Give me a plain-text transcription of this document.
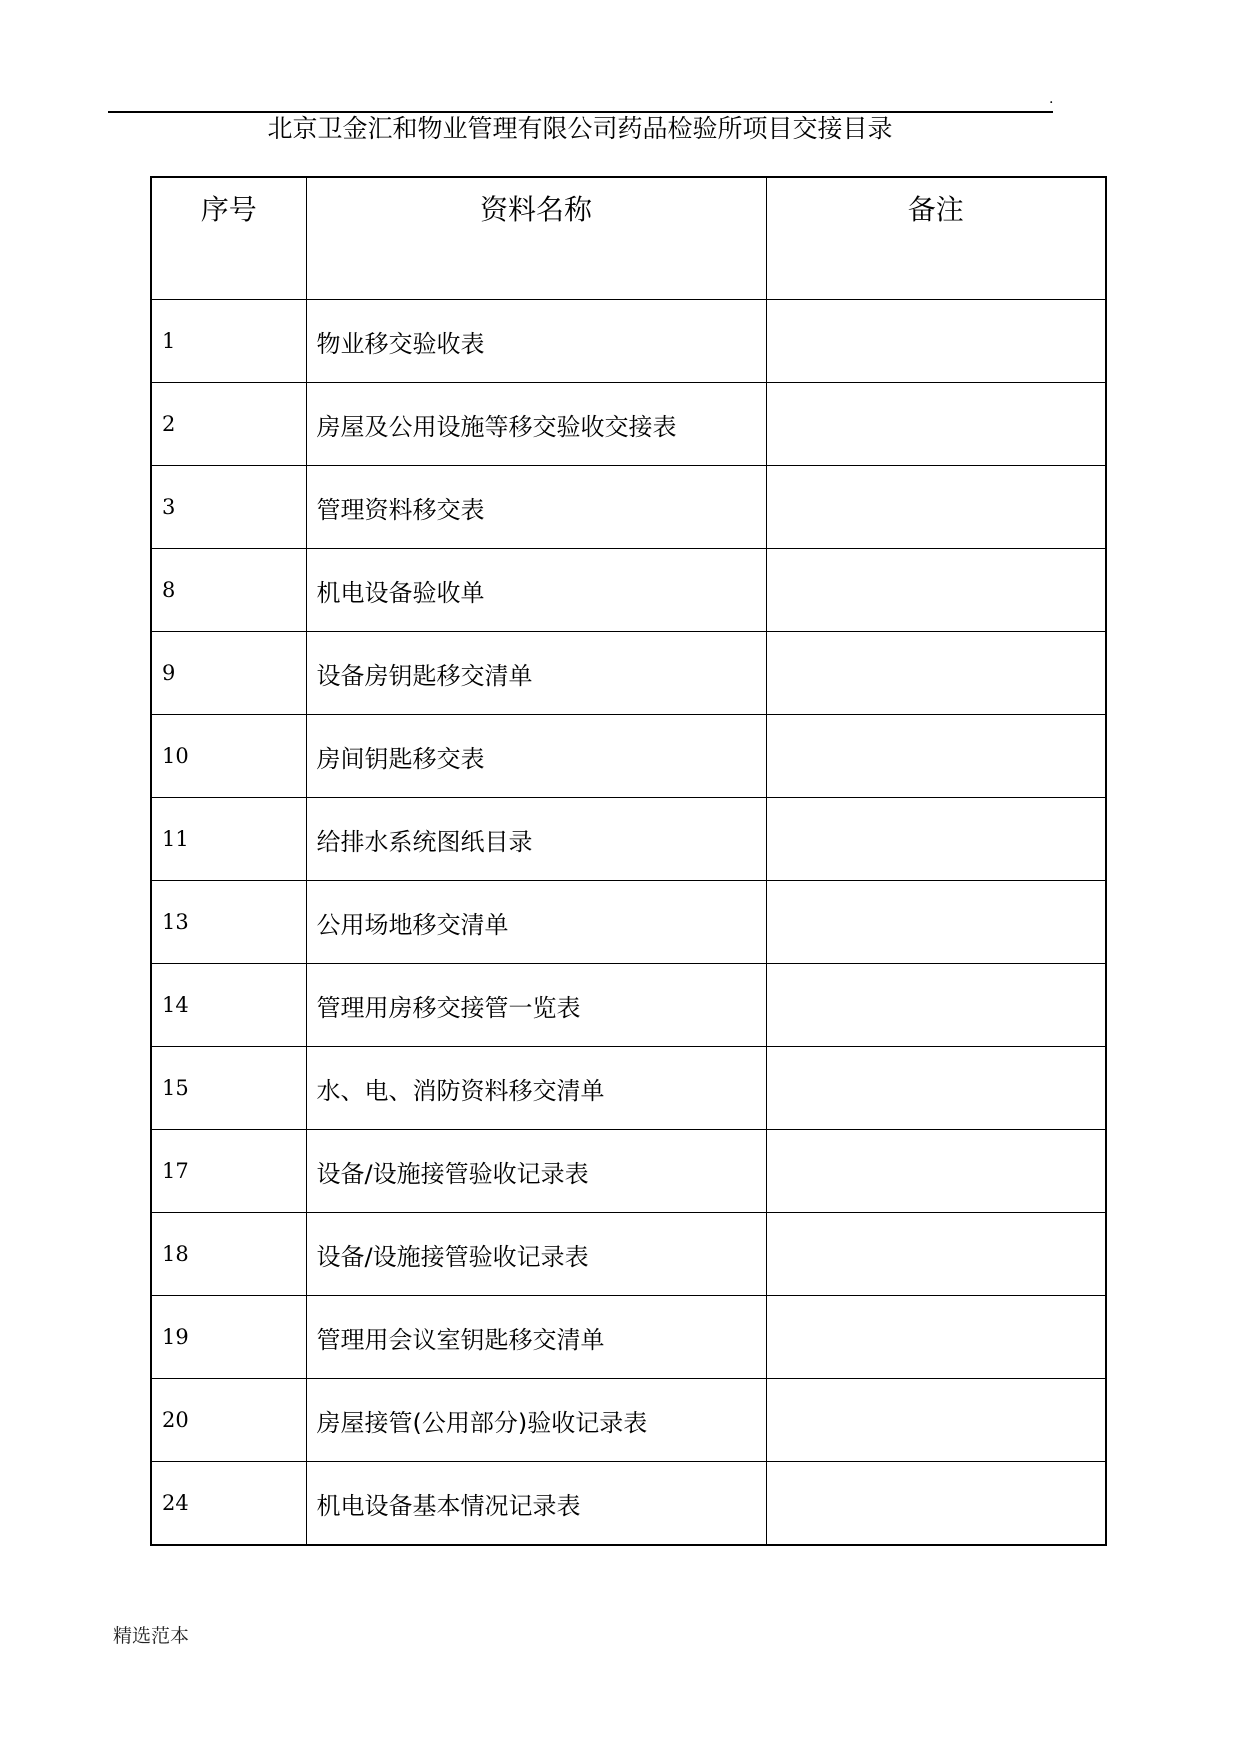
.
北京卫金汇和物业管理有限公司药品检验所项目交接目录
序号	资料名称	备注
1	物业移交验收表	
2	房屋及公用设施等移交验收交接表	
3	管理资料移交表	
8	机电设备验收单	
9	设备房钥匙移交清单	
10	房间钥匙移交表	
11	给排水系统图纸目录	
13	公用场地移交清单	
14	管理用房移交接管一览表	
15	水、电、消防资料移交清单	
17	设备/设施接管验收记录表	
18	设备/设施接管验收记录表	
19	管理用会议室钥匙移交清单	
20	房屋接管(公用部分)验收记录表	
24	机电设备基本情况记录表	
精选范本
